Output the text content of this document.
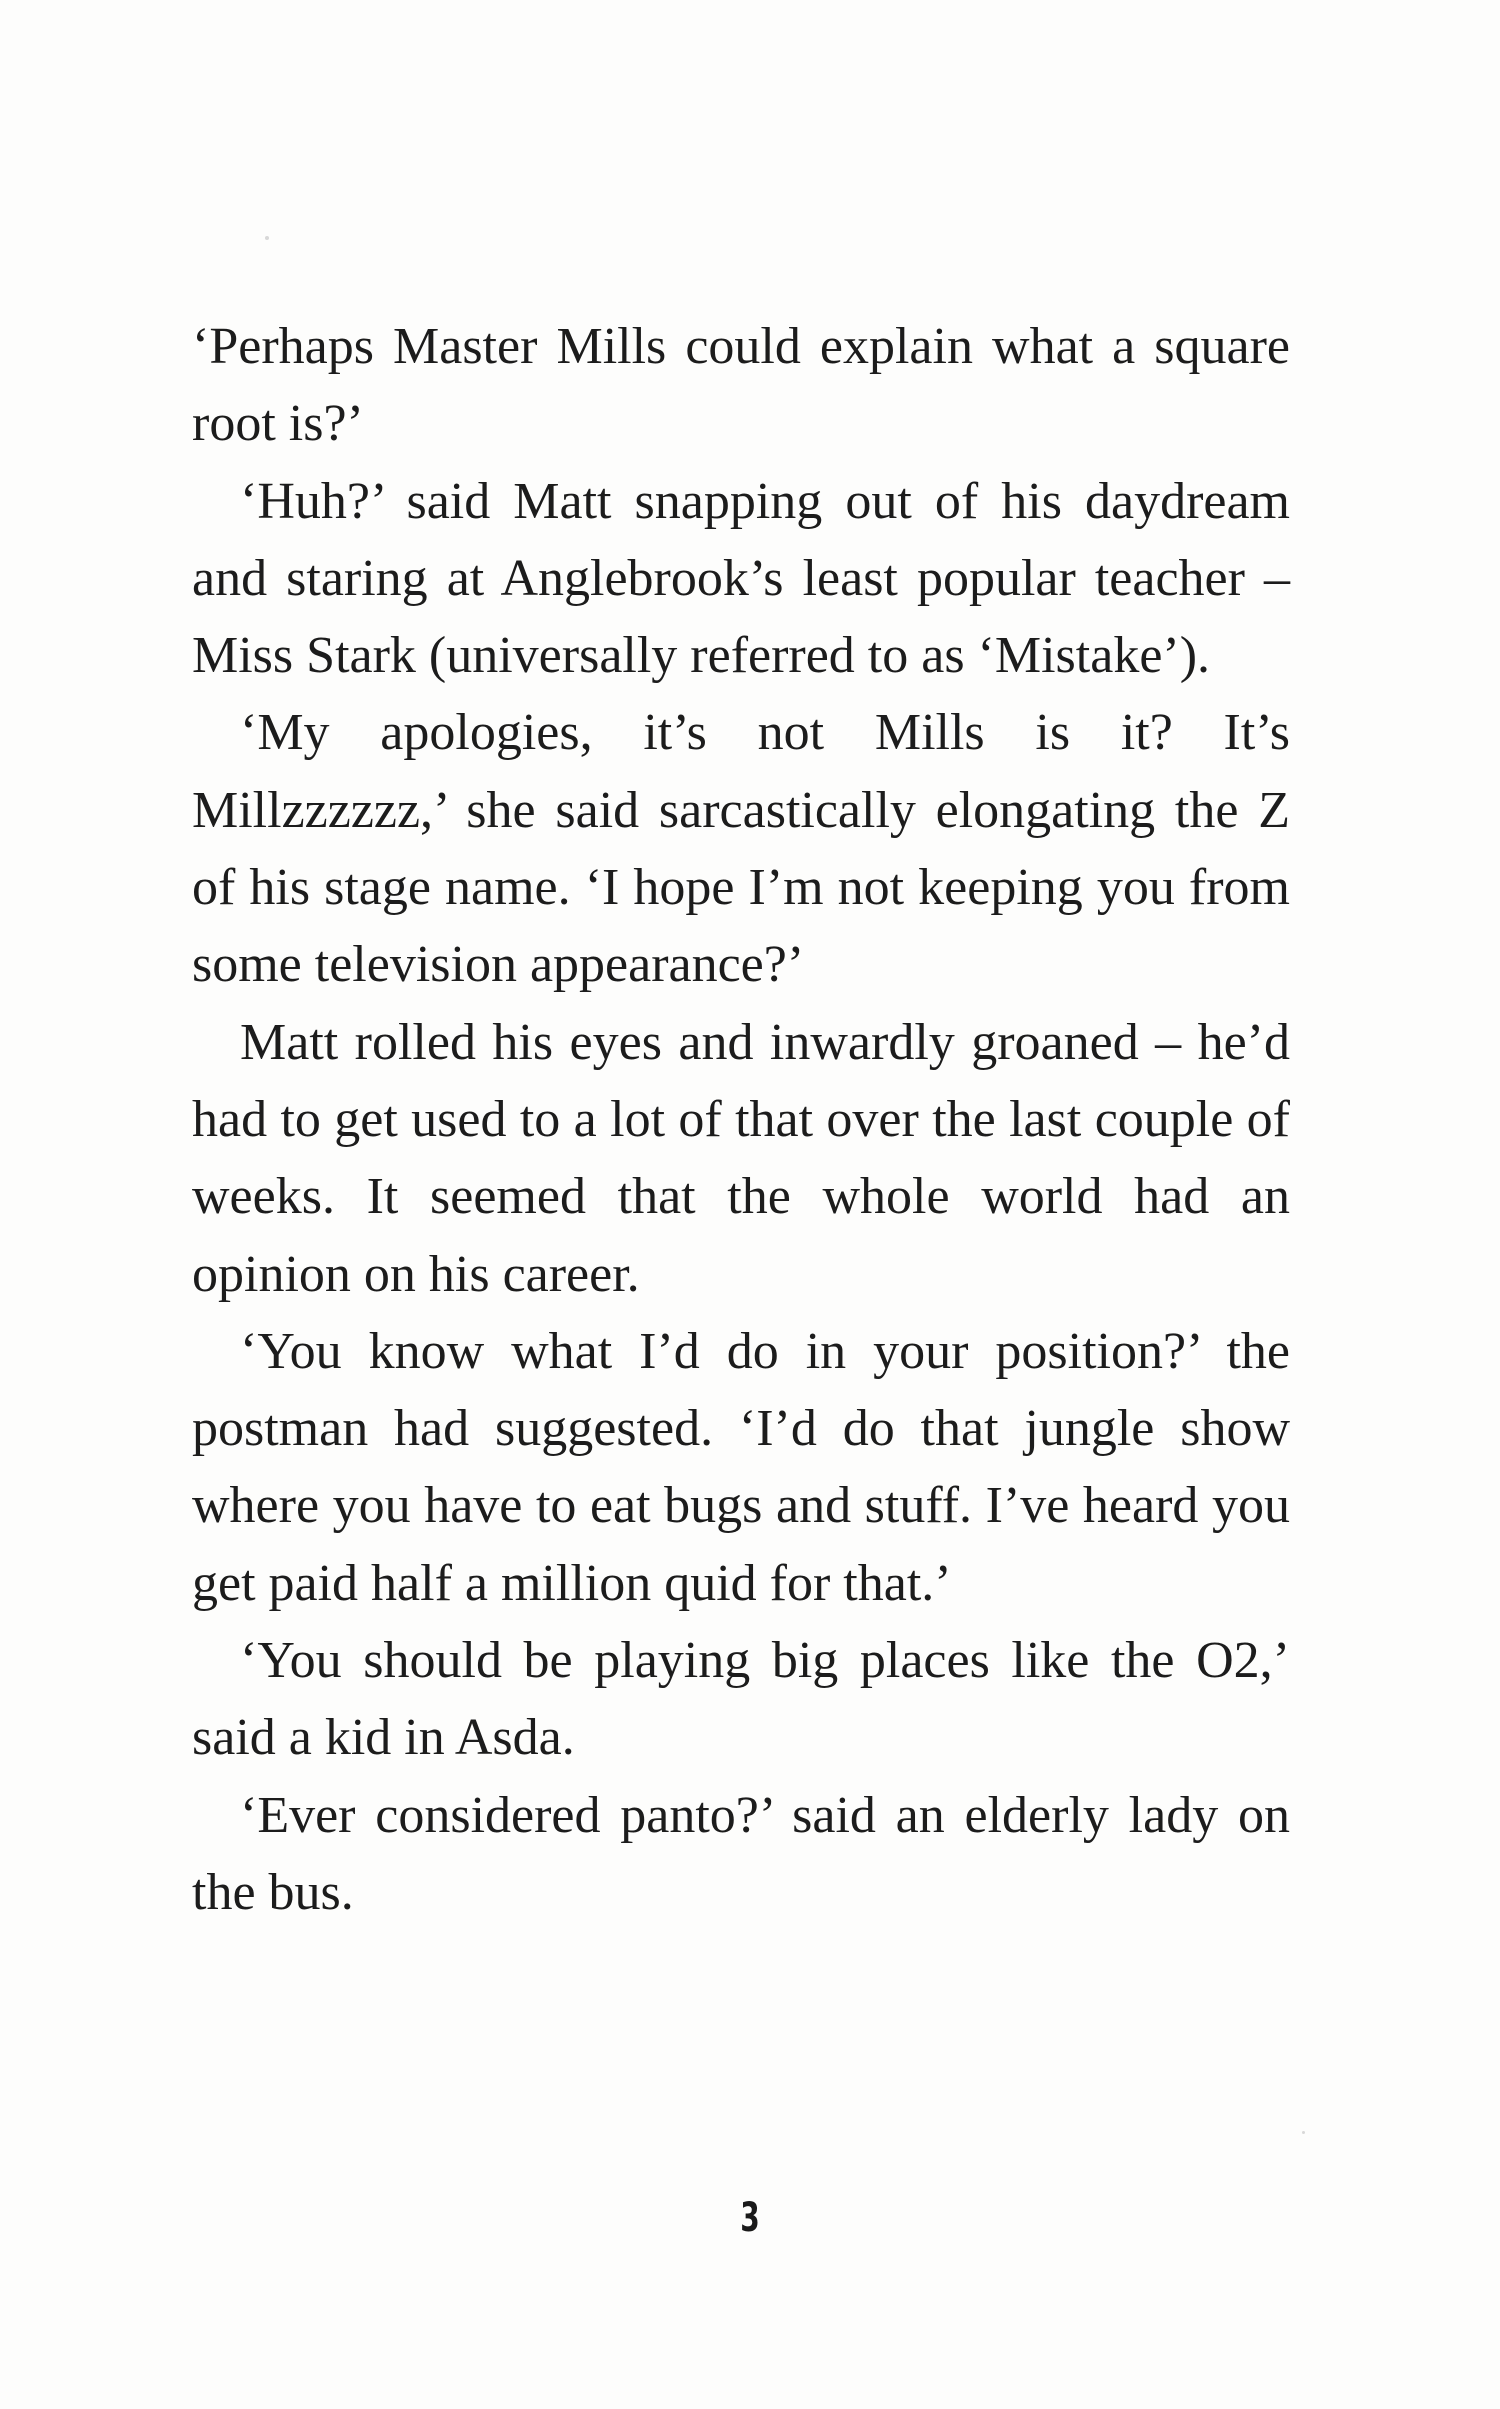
‘Perhaps Master Mills could explain what a square root is?’

‘Huh?’ said Matt snapping out of his daydream and staring at Anglebrook’s least popular teacher – Miss Stark (universally referred to as ‘Mistake’).

‘My apologies, it’s not Mills is it? It’s Millzzzzzz,’ she said sarcastically elongating the Z of his stage name. ‘I hope I’m not keeping you from some television appearance?’

Matt rolled his eyes and inwardly groaned – he’d had to get used to a lot of that over the last couple of weeks. It seemed that the whole world had an opinion on his career.

‘You know what I’d do in your position?’ the postman had suggested. ‘I’d do that jungle show where you have to eat bugs and stuff. I’ve heard you get paid half a million quid for that.’

‘You should be playing big places like the O2,’ said a kid in Asda.

‘Ever considered panto?’ said an elderly lady on the bus.

3
